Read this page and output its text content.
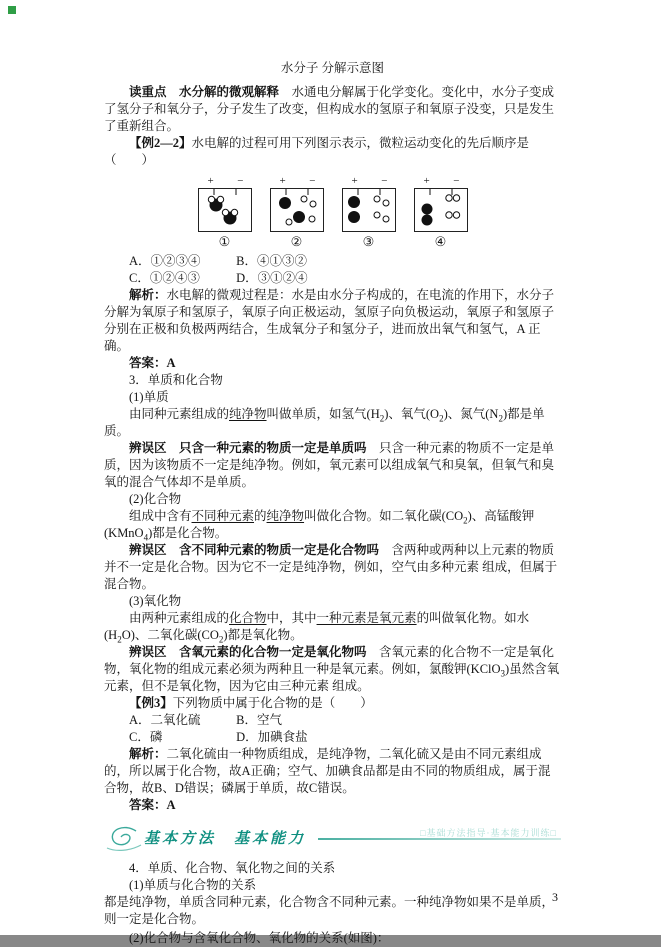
水分子 分解示意图

读重点　 水分解的微观解释　水通电分解属于化学变化。变化中，水分子变成了氢分子和氧分子，分子发生了改变，但构成水的氢原子和氧原子没变，只是发生了重新组合。

【例2—2】水电解的过程可用下列图示表示，微粒运动变化的先后顺序是（　　）

+ −
①
+ −
②
+ −
③
+ −
④

A．①②③④	B．④①③②

C．①②④③	D．③①②④

解析：水电解的微观过程是：水是由水分子构成的，在电流的作用下，水分子分解为氧原子和氢原子，氧原子向正极运动，氢原子向负极运动，氧原子和氢原子分别在正极和负极两两结合，生成氧分子和氢分子，进而放出氧气和氢气，A 正确。

答案：A

3．单质和化合物

(1)单质

由同种元素组成的纯净物叫做单质，如氢气$(H_2)$、氧气$(O_2)$、氮气$(N_2)$都是单质。

辨误区　 只含一种元素的物质一定是单质吗　只含一种元素的物质不一定是单质，因为该物质不一定是纯净物。例如，氧元素可以组成氧气和臭氧，但氧气和臭氧的混合气体却不是单质。

(2)化合物

组成中含有不同种元素的纯净物叫做化合物。如二氧化碳$(CO_2)$、高锰酸钾(KMnO$_4$)都是化合物。

辨误区　 含不同种元素的物质一定是化合物吗　含两种或两种以上元素的物质并不一定是化合物。因为它不一定是纯净物，例如，空气由多种元素 组成，但属于混合物。

(3)氧化物

由两种元素组成的化合物中，其中一种元素是氧元素的叫做氧化物。如水$(H_2O)$、二氧化碳$(CO_2)$都是氧化物。

辨误区　 含氧元素的化合物一定是氧化物吗　含氧元素的化合物不一定是氧化物，氧化物的组成元素必须为两种且一种是氧元素。例如，氯酸钾(KClO$_3$)虽然含氧元素，但不是氧化物，因为它由三种元素 组成。

【例3】下列物质中属于化合物的是（　　）

A．二氧化硫	B．空气

C．磷	D．加碘食盐

解析：二氧化硫由一种物质组成，是纯净物，二氧化硫又是由不同元素组成的，所以属于化合物，故A正确；空气、加碘食品都是由不同的物质组成，属于混合物，故B、D错误；磷属于单质，故C错误。

答案：A

基本方法　基本能力	□基础方法指导·基本能力训练□

4．单质、化合物、氧化物之间的关系

(1)单质与化合物的关系

都是纯净物，单质含同种元素，化合物含不同种元素。一种纯净物如果不是单质，则一定是化合物。

(2)化合物与含氧化合物、氧化物的关系(如图)：

3
